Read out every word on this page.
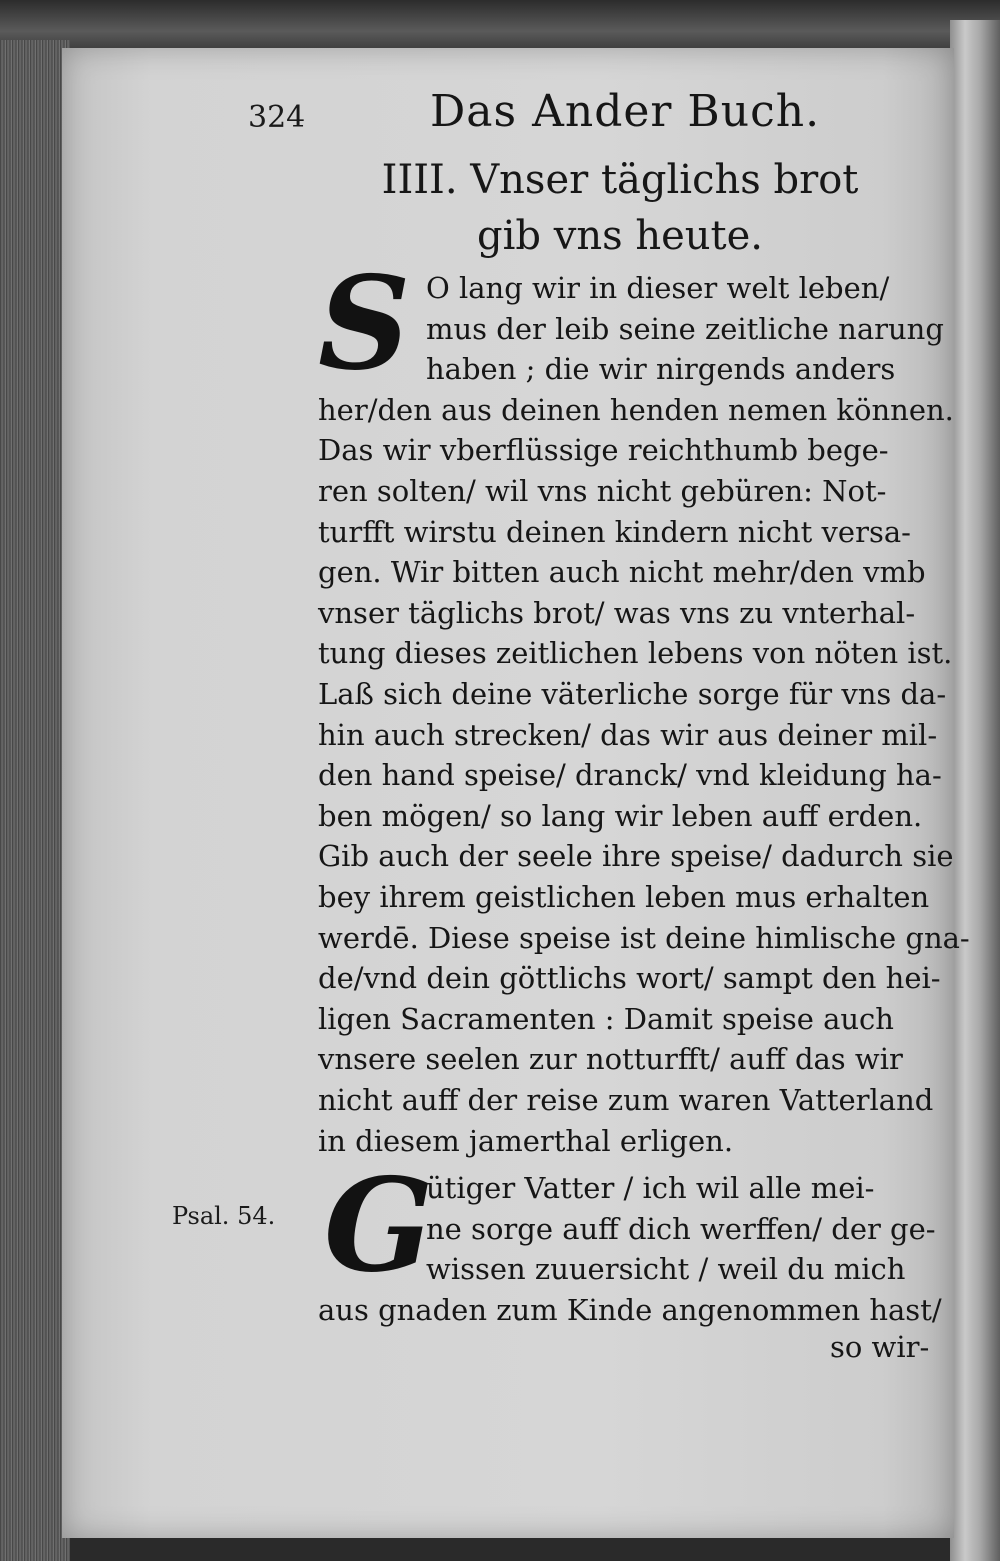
324	Das Ander Buch.
IIII. Vnser täglichs brot
gib vns heute.
S O lang wir in dieser welt leben/
mus der leib seine zeitliche narung
haben ; die wir nirgends anders
her/den aus deinen henden nemen können.
Das wir vberflüssige reichthumb bege-
ren solten/ wil vns nicht gebüren: Not-
turfft wirstu deinen kindern nicht versa-
gen. Wir bitten auch nicht mehr/den vmb
vnser täglichs brot/ was vns zu vnterhal-
tung dieses zeitlichen lebens von nöten ist.
Laß sich deine väterliche sorge für vns da-
hin auch strecken/ das wir aus deiner mil-
den hand speise/ dranck/ vnd kleidung ha-
ben mögen/ so lang wir leben auff erden.
Gib auch der seele ihre speise/ dadurch sie
bey ihrem geistlichen leben mus erhalten
werdē. Diese speise ist deine himlische gna-
de/vnd dein göttlichs wort/ sampt den hei-
ligen Sacramenten : Damit speise auch
vnsere seelen zur notturfft/ auff das wir
nicht auff der reise zum waren Vatterland
in diesem jamerthal erligen.
Psal. 54. G
ütiger Vatter / ich wil alle mei-
ne sorge auff dich werffen/ der ge-
wissen zuuersicht / weil du mich
aus gnaden zum Kinde angenommen hast/
so wir-
